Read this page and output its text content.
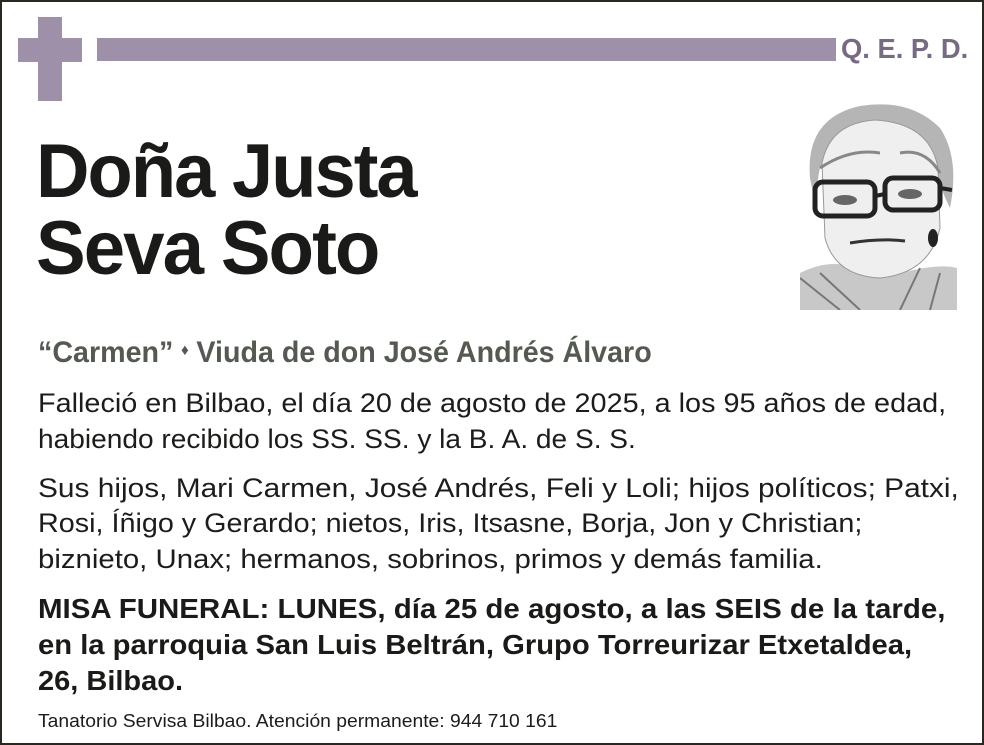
Q. E. P. D.
Doña Justa
Seva Soto
“Carmen” ♦ Viuda de don José Andrés Álvaro
Falleció en Bilbao, el día 20 de agosto de 2025, a los 95 años de edad,
habiendo recibido los SS. SS. y la B. A. de S. S.
Sus hijos, Mari Carmen, José Andrés, Feli y Loli; hijos políticos; Patxi,
Rosi, Íñigo y Gerardo; nietos, Iris, Itsasne, Borja, Jon y Christian;
biznieto, Unax; hermanos, sobrinos, primos y demás familia.
MISA FUNERAL: LUNES, día 25 de agosto, a las SEIS de la tarde,
en la parroquia San Luis Beltrán, Grupo Torreurizar Etxetaldea,
26, Bilbao.
Tanatorio Servisa Bilbao. Atención permanente: 944 710 161
